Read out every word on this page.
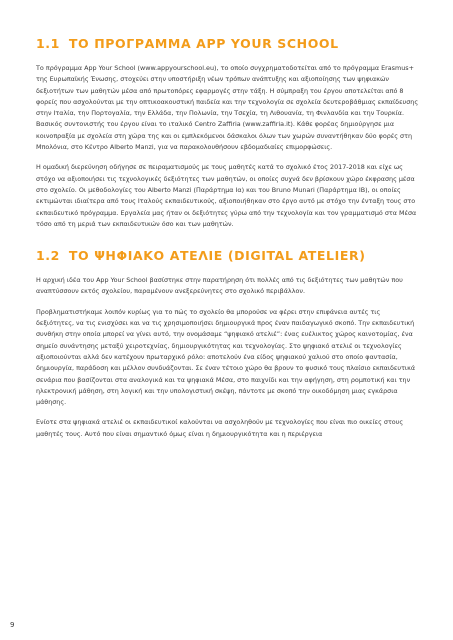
1.1 ΤΟ ΠΡΟΓΡΑΜΜΑ APP YOUR SCHOOL

Το πρόγραμμα App Your School (www.appyourschool.eu), το οποίο συγχρηματοδοτείται από το πρόγραμμα Erasmus+ της Ευρωπαϊκής Ένωσης, στοχεύει στην υποστήριξη νέων τρόπων ανάπτυξης και αξιοποίησης των ψηφιακών δεξιοτήτων των μαθητών μέσα από πρωτοπόρες εφαρμογές στην τάξη. Η σύμπραξη του έργου αποτελείται από 8 φορείς που ασχολούνται με την οπτικοακουστική παιδεία και την τεχνολογία σε σχολεία δευτεροβάθμιας εκπαίδευσης στην Ιταλία, την Πορτογαλία, την Ελλάδα, την Πολωνία, την Τσεχία, τη Λιθουανία, τη Φινλανδία και την Τουρκία. Βασικός συντονιστής του έργου είναι το ιταλικό Centro Zaffiria (www.zaffiria.it). Κάθε φορέας δημιούργησε μια κοινοπραξία με σχολεία στη χώρα της και οι εμπλεκόμενοι δάσκαλοι όλων των χωρών συναντήθηκαν δύο φορές στη Μπολόνια, στο Κέντρο Alberto Manzi, για να παρακολουθήσουν εβδομαδιαίες επιμορφώσεις.

Η ομαδική διερεύνηση οδήγησε σε πειραματισμούς με τους μαθητές κατά το σχολικό έτος 2017-2018 και είχε ως στόχο να αξιοποιήσει τις τεχνολογικές δεξιότητες των μαθητών, οι οποίες συχνά δεν βρίσκουν χώρο έκφρασης μέσα στο σχολείο. Οι μεθοδολογίες του Alberto Manzi (Παράρτημα Ια) και του Bruno Munari (Παράρτημα ΙΒ), οι οποίες εκτιμώνται ιδιαίτερα από τους Ιταλούς εκπαιδευτικούς, αξιοποιήθηκαν στο έργο αυτό με στόχο την ένταξη τους στο εκπαιδευτικό πρόγραμμα. Εργαλεία μας ήταν οι δεξιότητες γύρω από την τεχνολογία και τον γραμματισμό στα Μέσα τόσο από τη μεριά των εκπαιδευτικών όσο και των μαθητών.

1.2 ΤΟ ΨΗΦΙΑΚΟ ΑΤΕΛΙΕ (DIGITAL ATELIER)

Η αρχική ιδέα του App Your School βασίστηκε στην παρατήρηση ότι πολλές από τις δεξιότητες των μαθητών που αναπτύσσουν εκτός σχολείου, παραμένουν ανεξερεύνητες στο σχολικό περιβάλλον.

Προβληματιστήκαμε λοιπόν κυρίως για το πώς το σχολείο θα μπορούσε να φέρει στην επιφάνεια αυτές τις δεξιότητες, να τις ενισχύσει και να τις χρησιμοποιήσει δημιουργικά προς έναν παιδαγωγικό σκοπό. Την εκπαιδευτική συνθήκη στην οποία μπορεί να γίνει αυτό, την ονομάσαμε “ψηφιακό ατελιέ”: ένας ευέλικτος χώρος καινοτομίας, ένα σημείο συνάντησης μεταξύ χειροτεχνίας, δημιουργικότητας και τεχνολογίας. Στο ψηφιακό ατελιέ οι τεχνολογίες αξιοποιούνται αλλά δεν κατέχουν πρωταρχικό ρόλο: αποτελούν ένα είδος ψηφιακού χαλιού στο οποίο φαντασία, δημιουργία, παράδοση και μέλλον συνδυάζονται. Σε έναν τέτοιο χώρο θα βρουν το φυσικό τους πλαίσιο εκπαιδευτικά σενάρια που βασίζονται στα αναλογικά και τα ψηφιακά Μέσα, στο παιχνίδι και την αφήγηση, στη ρομποτική και την ηλεκτρονική μάθηση, στη λογική και την υπολογιστική σκέψη, πάντοτε με σκοπό την οικοδόμηση μιας εγκάρσια μάθησης.

Ενίοτε στα ψηφιακά ατελιέ οι εκπαιδευτικοί καλούνται να ασχοληθούν με τεχνολογίες που είναι πιο οικείες στους μαθητές τους. Αυτό που είναι σημαντικό όμως είναι η δημιουργικότητα και η περιέργεια

9
